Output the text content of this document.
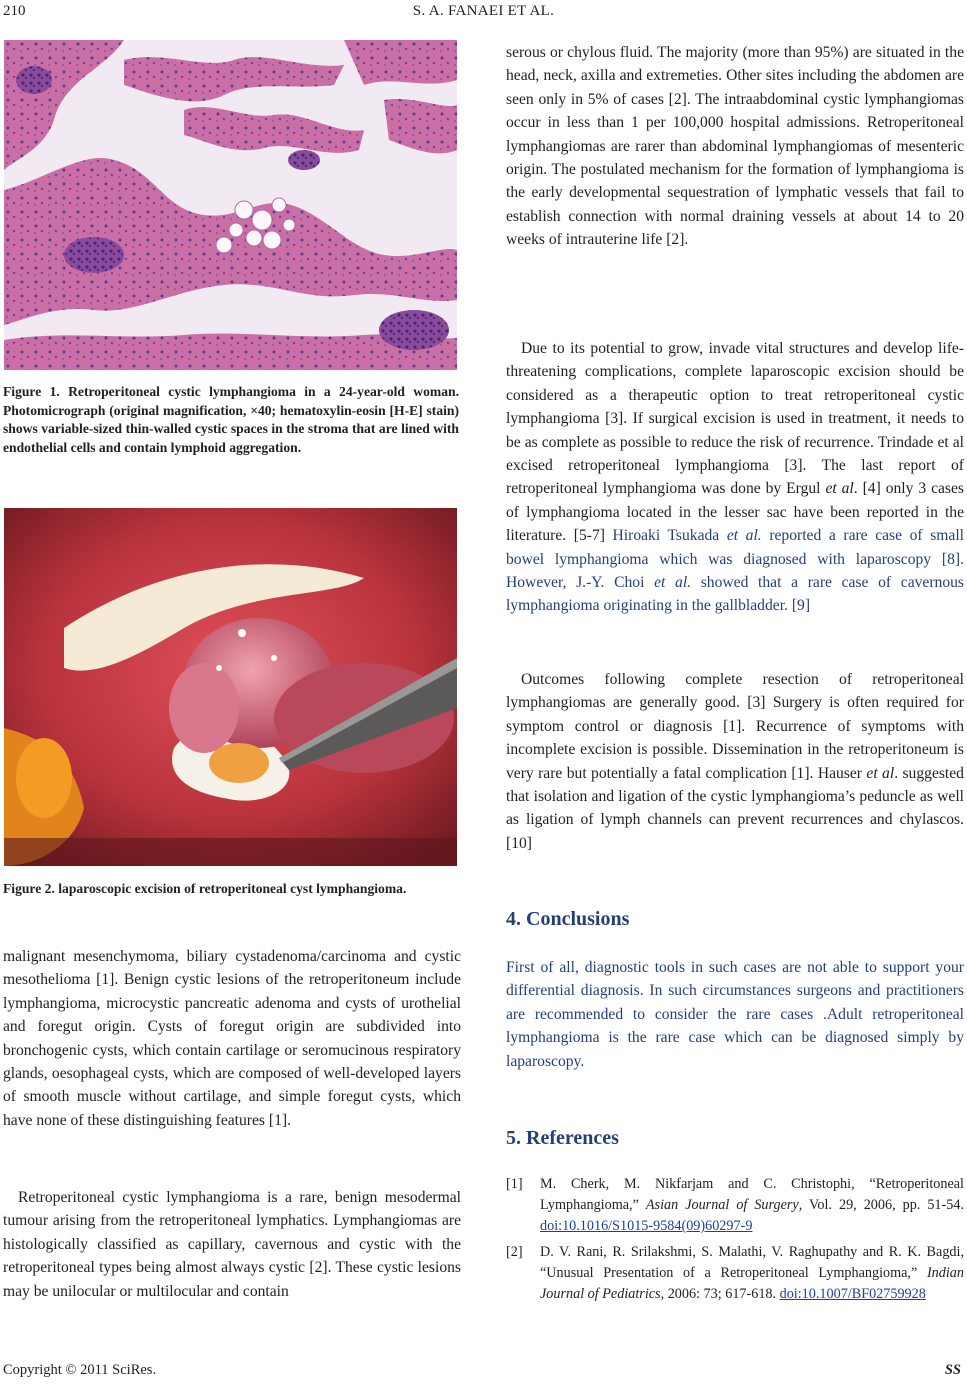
210	S. A. FANAEI ET AL.

Figure 1. Retroperitoneal cystic lymphangioma in a 24-year-old woman. Photomicrograph (original magnification, ×40; hematoxylin-eosin [H-E] stain) shows variable-sized thin-walled cystic spaces in the stroma that are lined with endothelial cells and contain lymphoid aggregation.

Figure 2. laparoscopic excision of retroperitoneal cyst lymphangioma.

malignant mesenchymoma, biliary cystadenoma/carcinoma and cystic mesothelioma [1]. Benign cystic lesions of the retroperitoneum include lymphangioma, microcystic pancreatic adenoma and cysts of urothelial and foregut origin. Cysts of foregut origin are subdivided into bronchogenic cysts, which contain cartilage or seromucinous respiratory glands, oesophageal cysts, which are composed of well-developed layers of smooth muscle without cartilage, and simple foregut cysts, which have none of these distinguishing features [1].

Retroperitoneal cystic lymphangioma is a rare, benign mesodermal tumour arising from the retroperitoneal lymphatics. Lymphangiomas are histologically classified as capillary, cavernous and cystic with the retroperitoneal types being almost always cystic [2]. These cystic lesions may be unilocular or multilocular and contain

serous or chylous fluid. The majority (more than 95%) are situated in the head, neck, axilla and extremeties. Other sites including the abdomen are seen only in 5% of cases [2]. The intraabdominal cystic lymphangiomas occur in less than 1 per 100,000 hospital admissions. Retroperitoneal lymphangiomas are rarer than abdominal lymphangiomas of mesenteric origin. The postulated mechanism for the formation of lymphangioma is the early developmental sequestration of lymphatic vessels that fail to establish connection with normal draining vessels at about 14 to 20 weeks of intrauterine life [2].

Due to its potential to grow, invade vital structures and develop life-threatening complications, complete laparoscopic excision should be considered as a therapeutic option to treat retroperitoneal cystic lymphangioma [3]. If surgical excision is used in treatment, it needs to be as complete as possible to reduce the risk of recurrence. Trindade et al excised retroperitoneal lymphangioma [3]. The last report of retroperitoneal lymphangioma was done by Ergul et al. [4] only 3 cases of lymphangioma located in the lesser sac have been reported in the literature. [5-7] Hiroaki Tsukada et al. reported a rare case of small bowel lymphangioma which was diagnosed with laparoscopy [8]. However, J.-Y. Choi et al. showed that a rare case of cavernous lymphangioma originating in the gallbladder. [9]

Outcomes following complete resection of retroperitoneal lymphangiomas are generally good. [3] Surgery is often required for symptom control or diagnosis [1]. Recurrence of symptoms with incomplete excision is possible. Dissemination in the retroperitoneum is very rare but potentially a fatal complication [1]. Hauser et al. suggested that isolation and ligation of the cystic lymphangioma’s peduncle as well as ligation of lymph channels can prevent recurrences and chylascos. [10]

4. Conclusions

First of all, diagnostic tools in such cases are not able to support your differential diagnosis. In such circumstances surgeons and practitioners are recommended to consider the rare cases .Adult retroperitoneal lymphangioma is the rare case which can be diagnosed simply by laparoscopy.

5. References
[1] M. Cherk, M. Nikfarjam and C. Christophi, “Retroperitoneal Lymphangioma,” Asian Journal of Surgery, Vol. 29, 2006, pp. 51-54. doi:10.1016/S1015-9584(09)60297-9
[2] D. V. Rani, R. Srilakshmi, S. Malathi, V. Raghupathy and R. K. Bagdi, “Unusual Presentation of a Retroperitoneal Lymphangioma,” Indian Journal of Pediatrics, 2006: 73; 617-618. doi:10.1007/BF02759928
Copyright © 2011 SciRes.	SS
